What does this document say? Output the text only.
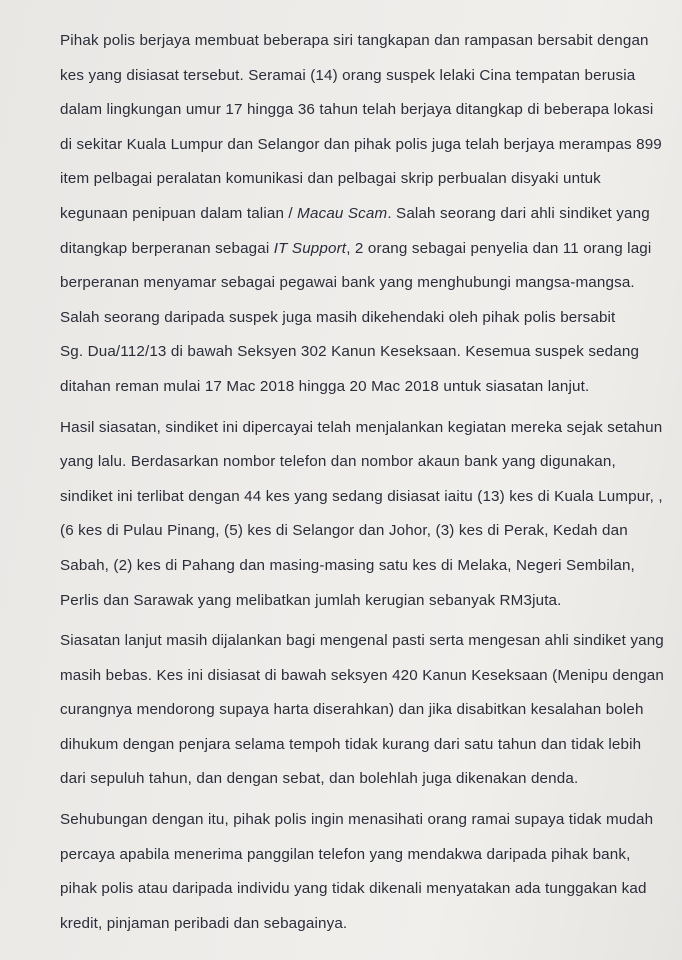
Pihak polis berjaya membuat beberapa siri tangkapan dan rampasan bersabit dengan
kes yang disiasat tersebut. Seramai (14) orang suspek lelaki Cina tempatan berusia
dalam lingkungan umur 17 hingga 36 tahun telah berjaya ditangkap di beberapa lokasi
di sekitar Kuala Lumpur dan Selangor dan pihak polis juga telah berjaya merampas 899
item pelbagai peralatan komunikasi dan pelbagai skrip perbualan disyaki untuk
kegunaan penipuan dalam talian / Macau Scam. Salah seorang dari ahli sindiket yang
ditangkap berperanan sebagai IT Support, 2 orang sebagai penyelia dan 11 orang lagi
berperanan menyamar sebagai pegawai bank yang menghubungi mangsa-mangsa.
Salah seorang daripada suspek juga masih dikehendaki oleh pihak polis bersabit
Sg. Dua/112/13 di bawah Seksyen 302 Kanun Keseksaan. Kesemua suspek sedang
ditahan reman mulai 17 Mac 2018 hingga 20 Mac 2018 untuk siasatan lanjut.
Hasil siasatan, sindiket ini dipercayai telah menjalankan kegiatan mereka sejak setahun
yang lalu. Berdasarkan nombor telefon dan nombor akaun bank yang digunakan,
sindiket ini terlibat dengan 44 kes yang sedang disiasat iaitu (13) kes di Kuala Lumpur, ,
(6 kes di Pulau Pinang, (5) kes di Selangor dan Johor, (3) kes di Perak, Kedah dan
Sabah, (2) kes di Pahang dan masing-masing satu kes di Melaka, Negeri Sembilan,
Perlis dan Sarawak yang melibatkan jumlah kerugian sebanyak RM3juta.
Siasatan lanjut masih dijalankan bagi mengenal pasti serta mengesan ahli sindiket yang
masih bebas. Kes ini disiasat di bawah seksyen 420 Kanun Keseksaan (Menipu dengan
curangnya mendorong supaya harta diserahkan) dan jika disabitkan kesalahan boleh
dihukum dengan penjara selama tempoh tidak kurang dari satu tahun dan tidak lebih
dari sepuluh tahun, dan dengan sebat, dan bolehlah juga dikenakan denda.
Sehubungan dengan itu, pihak polis ingin menasihati orang ramai supaya tidak mudah
percaya apabila menerima panggilan telefon yang mendakwa daripada pihak bank,
pihak polis atau daripada individu yang tidak dikenali menyatakan ada tunggakan kad
kredit, pinjaman peribadi dan sebagainya.
